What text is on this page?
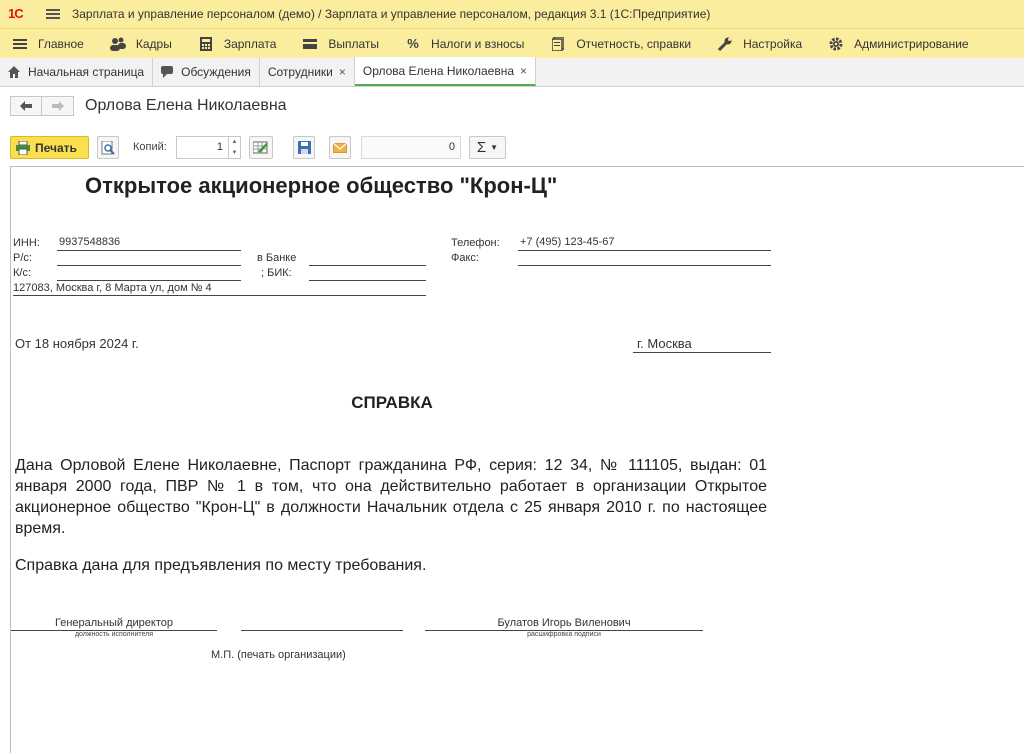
1С	Зарплата и управление персоналом (демо) / Зарплата и управление персоналом, редакция 3.1 (1С:Предприятие)
Главное	Кадры	Зарплата	Выплаты % Налоги и взносы	Отчетность, справки	Настройка	Администрирование
Начальная страница	Обсуждения Сотрудники × Орлова Елена Николаевна ×
Орлова Елена Николаевна
Печать	Копий:	1	▲
▼	0	Σ ▼
Открытое акционерное общество "Крон-Ц"
ИНН: 9937548836
Р/с:	в Банке
К/с:	; БИК:
127083, Москва г, 8 Марта ул, дом № 4
Телефон: +7 (495) 123-45-67
Факс:
От 18 ноября 2024 г.	г. Москва
СПРАВКА
Дана Орловой Елене Николаевне, Паспорт гражданина РФ, серия: 12 34, № 111105, выдан: 01 января 2000 года, ПВР № 1 в том, что она действительно работает в организации Открытое акционерное общество "Крон-Ц" в должности Начальник отдела с 25 января 2010 г. по настоящее время.
Справка дана для предъявления по месту требования.
Генеральный директор
должность исполнителя
Булатов Игорь Виленович
расшифровка подписи
М.П. (печать организации)
